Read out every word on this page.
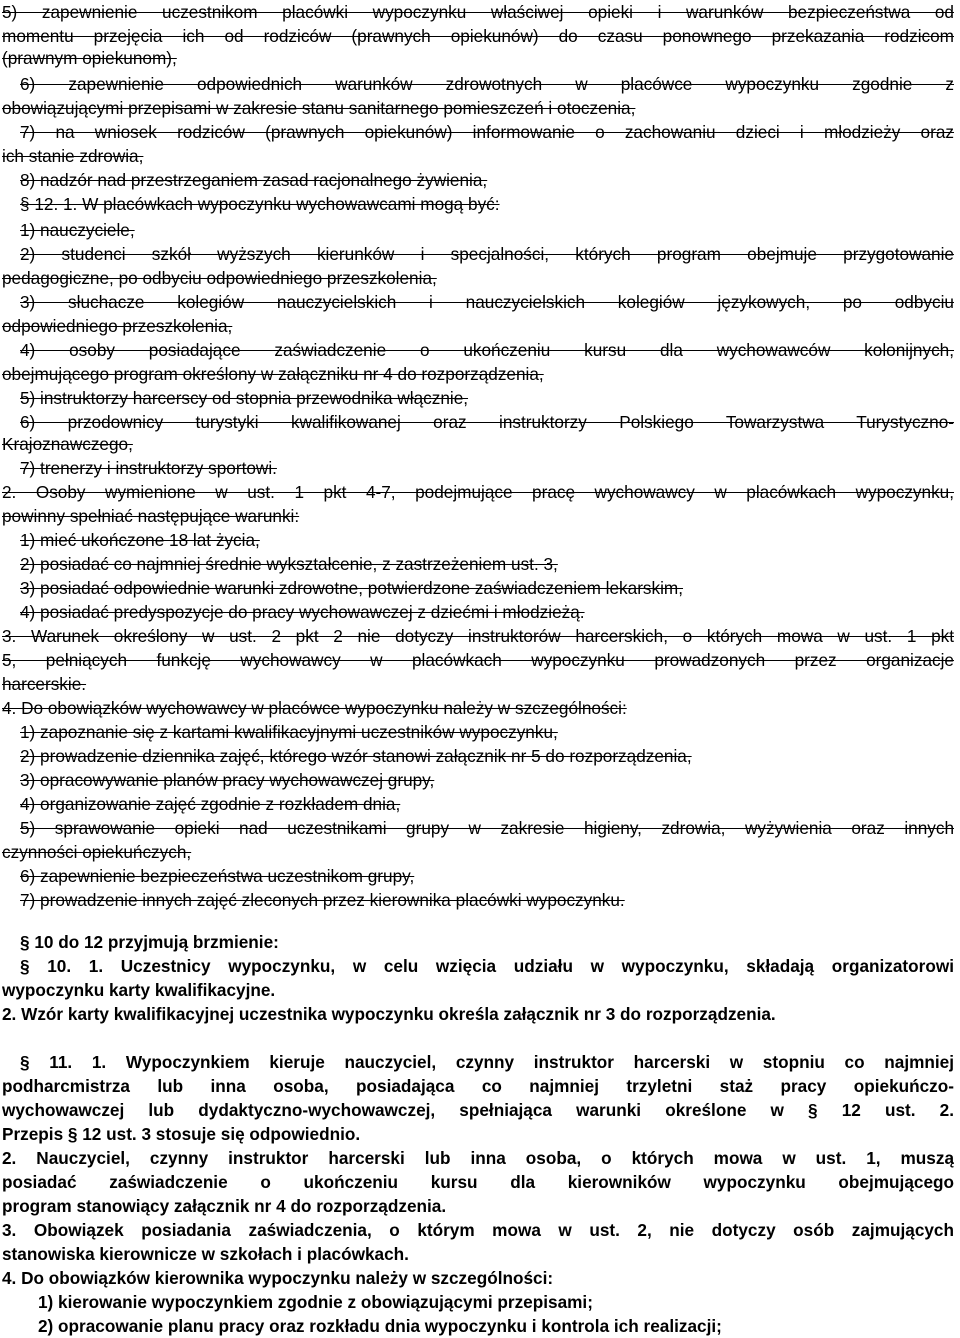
5) zapewnienie uczestnikom placówki wypoczynku właściwej opieki i warunków bezpieczeństwa od
momentu przejęcia ich od rodziców (prawnych opiekunów) do czasu ponownego przekazania rodzicom
(prawnym opiekunom),
6) zapewnienie odpowiednich warunków zdrowotnych w placówce wypoczynku zgodnie z
obowiązującymi przepisami w zakresie stanu sanitarnego pomieszczeń i otoczenia,
7) na wniosek rodziców (prawnych opiekunów) informowanie o zachowaniu dzieci i młodzieży oraz
ich stanie zdrowia,
8) nadzór nad przestrzeganiem zasad racjonalnego żywienia,
§ 12. 1. W placówkach wypoczynku wychowawcami mogą być:
1) nauczyciele,
2) studenci szkół wyższych kierunków i specjalności, których program obejmuje przygotowanie
pedagogiczne, po odbyciu odpowiedniego przeszkolenia,
3) słuchacze kolegiów nauczycielskich i nauczycielskich kolegiów językowych, po odbyciu
odpowiedniego przeszkolenia,
4) osoby posiadające zaświadczenie o ukończeniu kursu dla wychowawców kolonijnych,
obejmującego program określony w załączniku nr 4 do rozporządzenia,
5) instruktorzy harcerscy od stopnia przewodnika włącznie,
6) przodownicy turystyki kwalifikowanej oraz instruktorzy Polskiego Towarzystwa Turystyczno-
Krajoznawczego,
7) trenerzy i instruktorzy sportowi.
2. Osoby wymienione w ust. 1 pkt 4-7, podejmujące pracę wychowawcy w placówkach wypoczynku,
powinny spełniać następujące warunki:
1) mieć ukończone 18 lat życia,
2) posiadać co najmniej średnie wykształcenie, z zastrzeżeniem ust. 3,
3) posiadać odpowiednie warunki zdrowotne, potwierdzone zaświadczeniem lekarskim,
4) posiadać predyspozycje do pracy wychowawczej z dziećmi i młodzieżą.
3. Warunek określony w ust. 2 pkt 2 nie dotyczy instruktorów harcerskich, o których mowa w ust. 1 pkt
5, pełniących funkcję wychowawcy w placówkach wypoczynku prowadzonych przez organizacje
harcerskie.
4. Do obowiązków wychowawcy w placówce wypoczynku należy w szczególności:
1) zapoznanie się z kartami kwalifikacyjnymi uczestników wypoczynku,
2) prowadzenie dziennika zajęć, którego wzór stanowi załącznik nr 5 do rozporządzenia,
3) opracowywanie planów pracy wychowawczej grupy,
4) organizowanie zajęć zgodnie z rozkładem dnia,
5) sprawowanie opieki nad uczestnikami grupy w zakresie higieny, zdrowia, wyżywienia oraz innych
czynności opiekuńczych,
6) zapewnienie bezpieczeństwa uczestnikom grupy,
7) prowadzenie innych zajęć zleconych przez kierownika placówki wypoczynku.
§ 10 do 12 przyjmują brzmienie:
§ 10. 1. Uczestnicy wypoczynku, w celu wzięcia udziału w wypoczynku, składają organizatorowi
wypoczynku karty kwalifikacyjne.
2. Wzór karty kwalifikacyjnej uczestnika wypoczynku określa załącznik nr 3 do rozporządzenia.
§ 11. 1. Wypoczynkiem kieruje nauczyciel, czynny instruktor harcerski w stopniu co najmniej
podharcmistrza lub inna osoba, posiadająca co najmniej trzyletni staż pracy opiekuńczo-
wychowawczej lub dydaktyczno-wychowawczej, spełniająca warunki określone w § 12 ust. 2.
Przepis § 12 ust. 3 stosuje się odpowiednio.
2. Nauczyciel, czynny instruktor harcerski lub inna osoba, o których mowa w ust. 1, muszą
posiadać zaświadczenie o ukończeniu kursu dla kierowników wypoczynku obejmującego
program stanowiący załącznik nr 4 do rozporządzenia.
3. Obowiązek posiadania zaświadczenia, o którym mowa w ust. 2, nie dotyczy osób zajmujących
stanowiska kierownicze w szkołach i placówkach.
4. Do obowiązków kierownika wypoczynku należy w szczególności:
1) kierowanie wypoczynkiem zgodnie z obowiązującymi przepisami;
2) opracowanie planu pracy oraz rozkładu dnia wypoczynku i kontrola ich realizacji;
